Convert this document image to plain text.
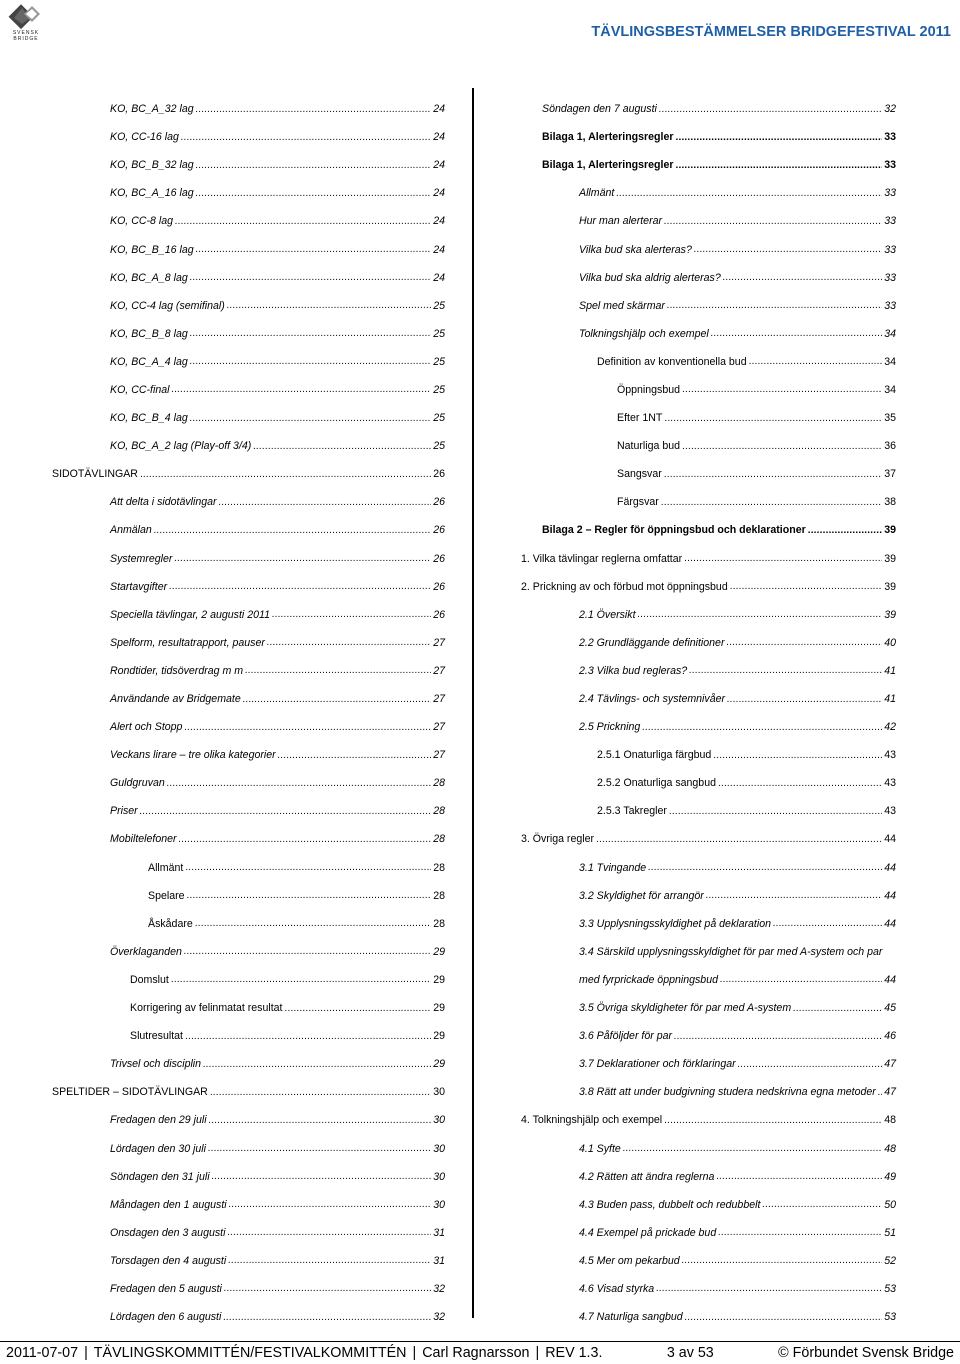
SVENSK BRIDGE	TÄVLINGSBESTÄMMELSER BRIDGEFESTIVAL 2011
KO, BC_A_32 lag .....	24
KO, CC-16 lag .....	24
KO, BC_B_32 lag .....	24
KO, BC_A_16 lag .....	24
KO, CC-8 lag .....	24
KO, BC_B_16 lag .....	24
KO, BC_A_8 lag .....	24
KO, CC-4 lag (semifinal) .....	25
KO, BC_B_8 lag .....	25
KO, BC_A_4 lag .....	25
KO, CC-final .....	25
KO, BC_B_4 lag .....	25
KO, BC_A_2 lag (Play-off 3/4) .....	25
SIDOTÄVLINGAR .....	26
Att delta i sidotävlingar .....	26
Anmälan .....	26
Systemregler .....	26
Startavgifter .....	26
Speciella tävlingar, 2 augusti 2011 .....	26
Spelform, resultatrapport, pauser .....	27
Rondtider, tidsöverdrag m m .....	27
Användande av Bridgemate .....	27
Alert och Stopp .....	27
Veckans lirare – tre olika kategorier .....	27
Guldgruvan .....	28
Priser .....	28
Mobiltelefoner .....	28
Allmänt .....	28
Spelare .....	28
Åskådare .....	28
Överklaganden .....	29
Domslut .....	29
Korrigering av felinmatat resultat .....	29
Slutresultat .....	29
Trivsel och disciplin .....	29
SPELTIDER – SIDOTÄVLINGAR .....	30
Fredagen den 29 juli .....	30
Lördagen den 30 juli .....	30
Söndagen den 31 juli .....	30
Måndagen den 1 augusti .....	30
Onsdagen den 3 augusti .....	31
Torsdagen den 4 augusti .....	31
Fredagen den 5 augusti .....	32
Lördagen den 6 augusti .....	32
Söndagen den 7 augusti .....	32
Bilaga 1, Alerteringsregler .....	33
Bilaga 1, Alerteringsregler .....	33
Allmänt .....	33
Hur man alerterar .....	33
Vilka bud ska alerteras? .....	33
Vilka bud ska aldrig alerteras? .....	33
Spel med skärmar .....	33
Tolkningshjälp och exempel .....	34
Definition av konventionella bud .....	34
Öppningsbud .....	34
Efter 1NT .....	35
Naturliga bud .....	36
Sangsvar .....	37
Färgsvar .....	38
Bilaga 2 – Regler för öppningsbud och deklarationer .....	39
1. Vilka tävlingar reglerna omfattar .....	39
2. Prickning av och förbud mot öppningsbud .....	39
2.1 Översikt .....	39
2.2 Grundläggande definitioner .....	40
2.3 Vilka bud regleras? .....	41
2.4 Tävlings- och systemnivåer .....	41
2.5 Prickning .....	42
2.5.1 Onaturliga färgbud .....	43
2.5.2 Onaturliga sangbud .....	43
2.5.3 Takregler .....	43
3. Övriga regler .....	44
3.1 Tvingande .....	44
3.2 Skyldighet för arrangör .....	44
3.3 Upplysningsskyldighet på deklaration .....	44
3.4 Särskild upplysningsskyldighet för par med A-system och par
med fyrprickade öppningsbud .....	44
3.5 Övriga skyldigheter för par med A-system .....	45
3.6 Påföljder för par .....	46
3.7 Deklarationer och förklaringar .....	47
3.8 Rätt att under budgivning studera nedskrivna egna metoder ..... 47
4. Tolkningshjälp och exempel .....	48
4.1 Syfte .....	48
4.2 Rätten att ändra reglerna .....	49
4.3 Buden pass, dubbelt och redubbelt .....	50
4.4 Exempel på prickade bud .....	51
4.5 Mer om pekarbud .....	52
4.6 Visad styrka .....	53
4.7 Naturliga sangbud .....	53
2011-07-07 | TÄVLINGSKOMMITTÉN/FESTIVALKOMMITTÉN | Carl Ragnarsson | REV 1.3.	3 av 53	© Förbundet Svensk Bridge
